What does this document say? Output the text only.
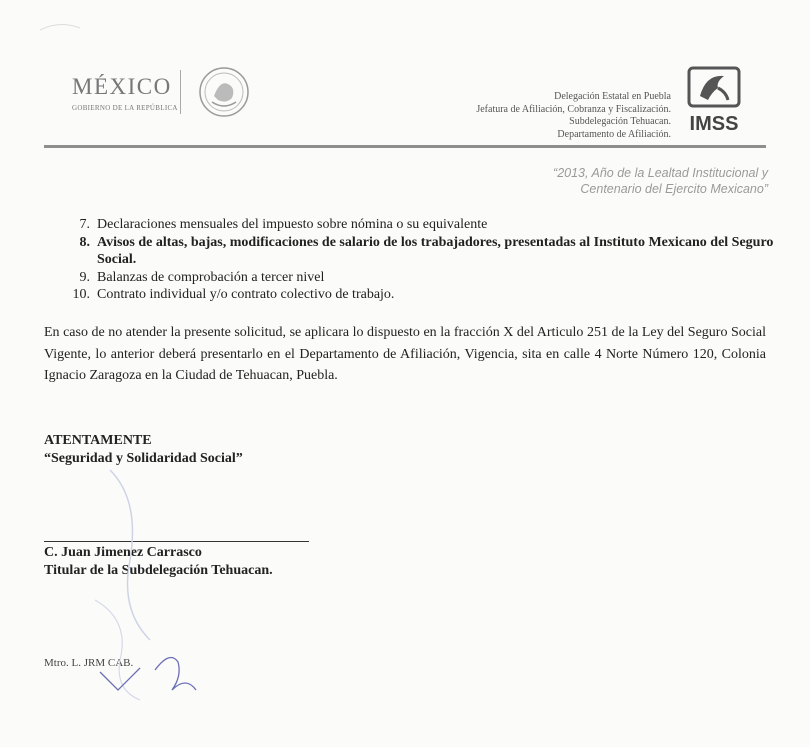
MÉXICO
GOBIERNO DE LA REPÚBLICA
Delegación Estatal en Puebla
Jefatura de Afiliación, Cobranza y Fiscalización.
Subdelegación Tehuacan.
Departamento de Afiliación. IMSS
“2013, Año de la Lealtad Institucional y
Centenario del Ejercito Mexicano”
7. Declaraciones mensuales del impuesto sobre nómina o su equivalente
8. Avisos de altas, bajas, modificaciones de salario de los trabajadores, presentadas al Instituto Mexicano del Seguro Social.
9. Balanzas de comprobación a tercer nivel
10. Contrato individual y/o contrato colectivo de trabajo.
En caso de no atender la presente solicitud, se aplicara lo dispuesto en la fracción X del Articulo 251 de la Ley del Seguro Social Vigente, lo anterior deberá presentarlo en el Departamento de Afiliación, Vigencia, sita en calle 4 Norte Número 120, Colonia Ignacio Zaragoza en la Ciudad de Tehuacan, Puebla.
ATENTAMENTE
“Seguridad y Solidaridad Social”
C. Juan Jimenez Carrasco
Titular de la Subdelegación Tehuacan.
Mtro. L. JRM CAB.
